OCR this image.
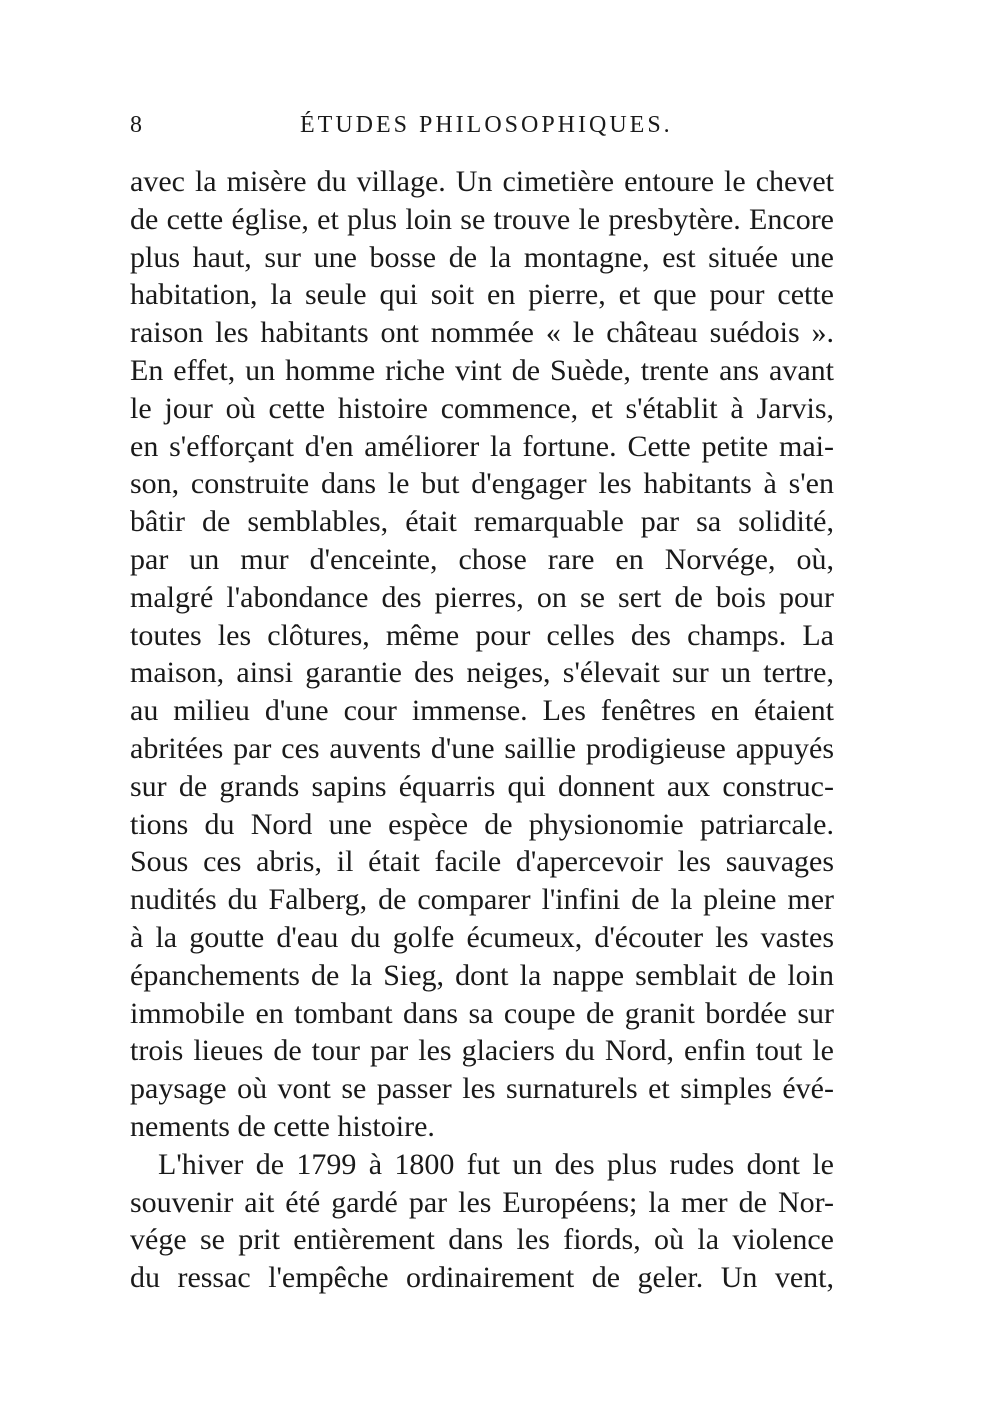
8	ÉTUDES PHILOSOPHIQUES.
avec la misère du village. Un cimetière entoure le chevet
de cette église, et plus loin se trouve le presbytère. Encore
plus haut, sur une bosse de la montagne, est située une
habitation, la seule qui soit en pierre, et que pour cette
raison les habitants ont nommée « le château suédois ».
En effet, un homme riche vint de Suède, trente ans avant
le jour où cette histoire commence, et s'établit à Jarvis,
en s'efforçant d'en améliorer la fortune. Cette petite mai-
son, construite dans le but d'engager les habitants à s'en
bâtir de semblables, était remarquable par sa solidité,
par un mur d'enceinte, chose rare en Norvége, où,
malgré l'abondance des pierres, on se sert de bois pour
toutes les clôtures, même pour celles des champs. La
maison, ainsi garantie des neiges, s'élevait sur un tertre,
au milieu d'une cour immense. Les fenêtres en étaient
abritées par ces auvents d'une saillie prodigieuse appuyés
sur de grands sapins équarris qui donnent aux construc-
tions du Nord une espèce de physionomie patriarcale.
Sous ces abris, il était facile d'apercevoir les sauvages
nudités du Falberg, de comparer l'infini de la pleine mer
à la goutte d'eau du golfe écumeux, d'écouter les vastes
épanchements de la Sieg, dont la nappe semblait de loin
immobile en tombant dans sa coupe de granit bordée sur
trois lieues de tour par les glaciers du Nord, enfin tout le
paysage où vont se passer les surnaturels et simples évé-
nements de cette histoire.
L'hiver de 1799 à 1800 fut un des plus rudes dont le
souvenir ait été gardé par les Européens; la mer de Nor-
vége se prit entièrement dans les fiords, où la violence
du ressac l'empêche ordinairement de geler. Un vent,
